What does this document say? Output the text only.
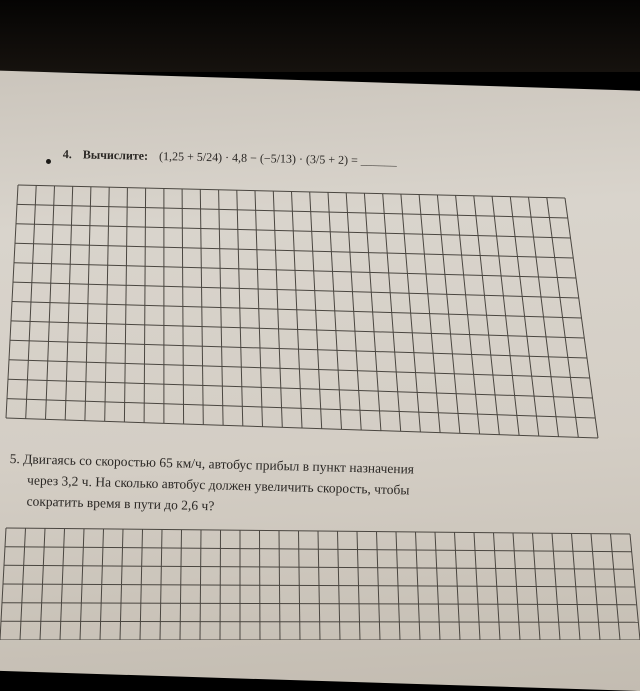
4. Вычислите: (1,25 + 5/24) · 4,8 − (−5/13) · (3/5 + 2) = ______
5. Двигаясь со скоростью 65 км/ч, автобус прибыл в пункт назначения
через 3,2 ч. На сколько автобус должен увеличить скорость, чтобы
сократить время в пути до 2,6 ч?
